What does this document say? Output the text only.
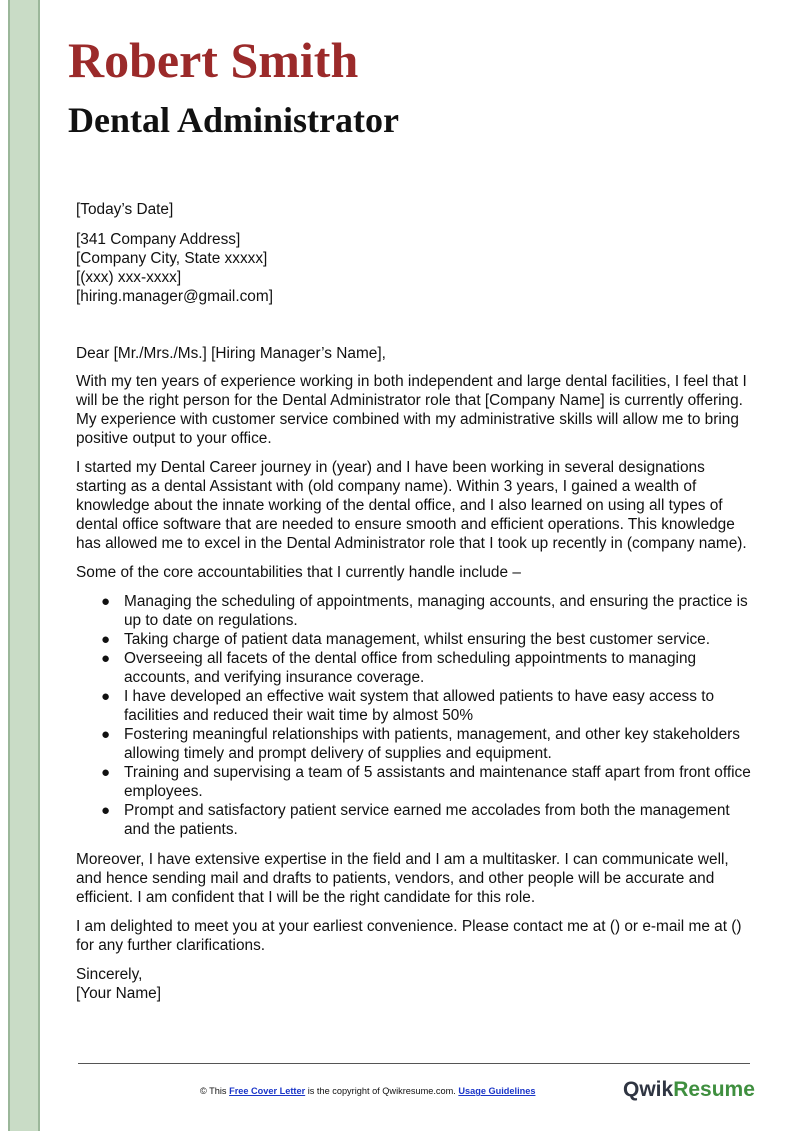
Robert Smith
Dental Administrator

[Today’s Date]

[341 Company Address]

[Company City, State xxxxx]

[(xxx) xxx-xxxx]

[hiring.manager@gmail.com]

Dear [Mr./Mrs./Ms.] [Hiring Manager’s Name],

With my ten years of experience working in both independent and large dental facilities, I feel that I will be the right person for the Dental Administrator role that [Company Name] is currently offering. My experience with customer service combined with my administrative skills will allow me to bring positive output to your office.

I started my Dental Career journey in (year) and I have been working in several designations starting as a dental Assistant with (old company name). Within 3 years, I gained a wealth of knowledge about the innate working of the dental office, and I also learned on using all types of dental office software that are needed to ensure smooth and efficient operations. This knowledge has allowed me to excel in the Dental Administrator role that I took up recently in (company name).

Some of the core accountabilities that I currently handle include –

● Managing the scheduling of appointments, managing accounts, and ensuring the practice is up to date on regulations.
● Taking charge of patient data management, whilst ensuring the best customer service.
● Overseeing all facets of the dental office from scheduling appointments to managing accounts, and verifying insurance coverage.
● I have developed an effective wait system that allowed patients to have easy access to facilities and reduced their wait time by almost 50%
● Fostering meaningful relationships with patients, management, and other key stakeholders allowing timely and prompt delivery of supplies and equipment.
● Training and supervising a team of 5 assistants and maintenance staff apart from front office employees.
● Prompt and satisfactory patient service earned me accolades from both the management and the patients.

Moreover, I have extensive expertise in the field and I am a multitasker. I can communicate well, and hence sending mail and drafts to patients, vendors, and other people will be accurate and efficient. I am confident that I will be the right candidate for this role.

I am delighted to meet you at your earliest convenience. Please contact me at () or e-mail me at () for any further clarifications.

Sincerely,

[Your Name]

© This Free Cover Letter is the copyright of Qwikresume.com. Usage Guidelines	QwikResume
